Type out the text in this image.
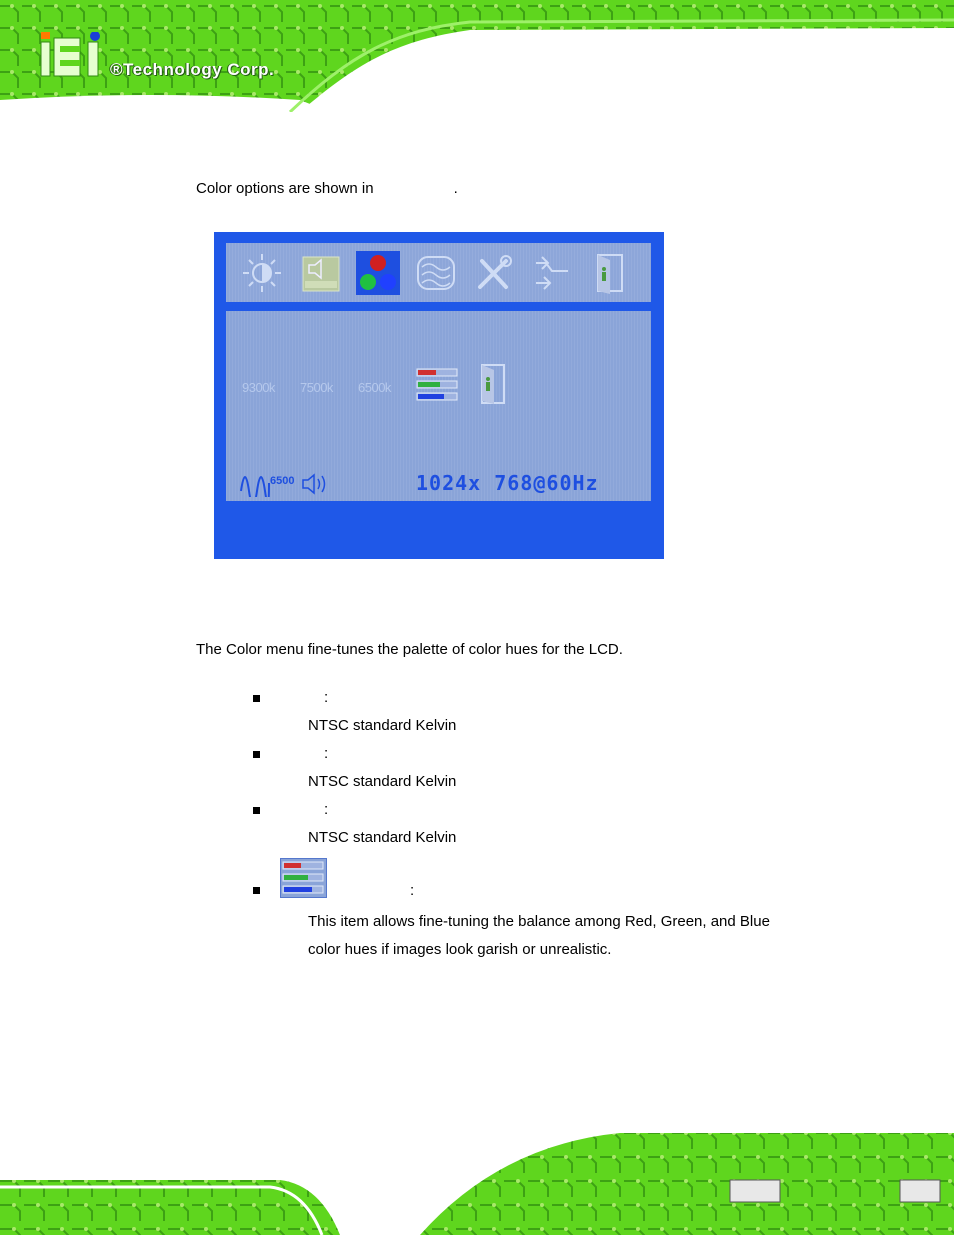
®Technology Corp.
Color options are shown in	.
9300k 7500k 6500k
6500	1024x 768@60Hz
The Color menu fine-tunes the palette of color hues for the LCD.
:
NTSC standard Kelvin
:
NTSC standard Kelvin
:
NTSC standard Kelvin
:
This item allows fine-tuning the balance among Red, Green, and Blue
color hues if images look garish or unrealistic.
